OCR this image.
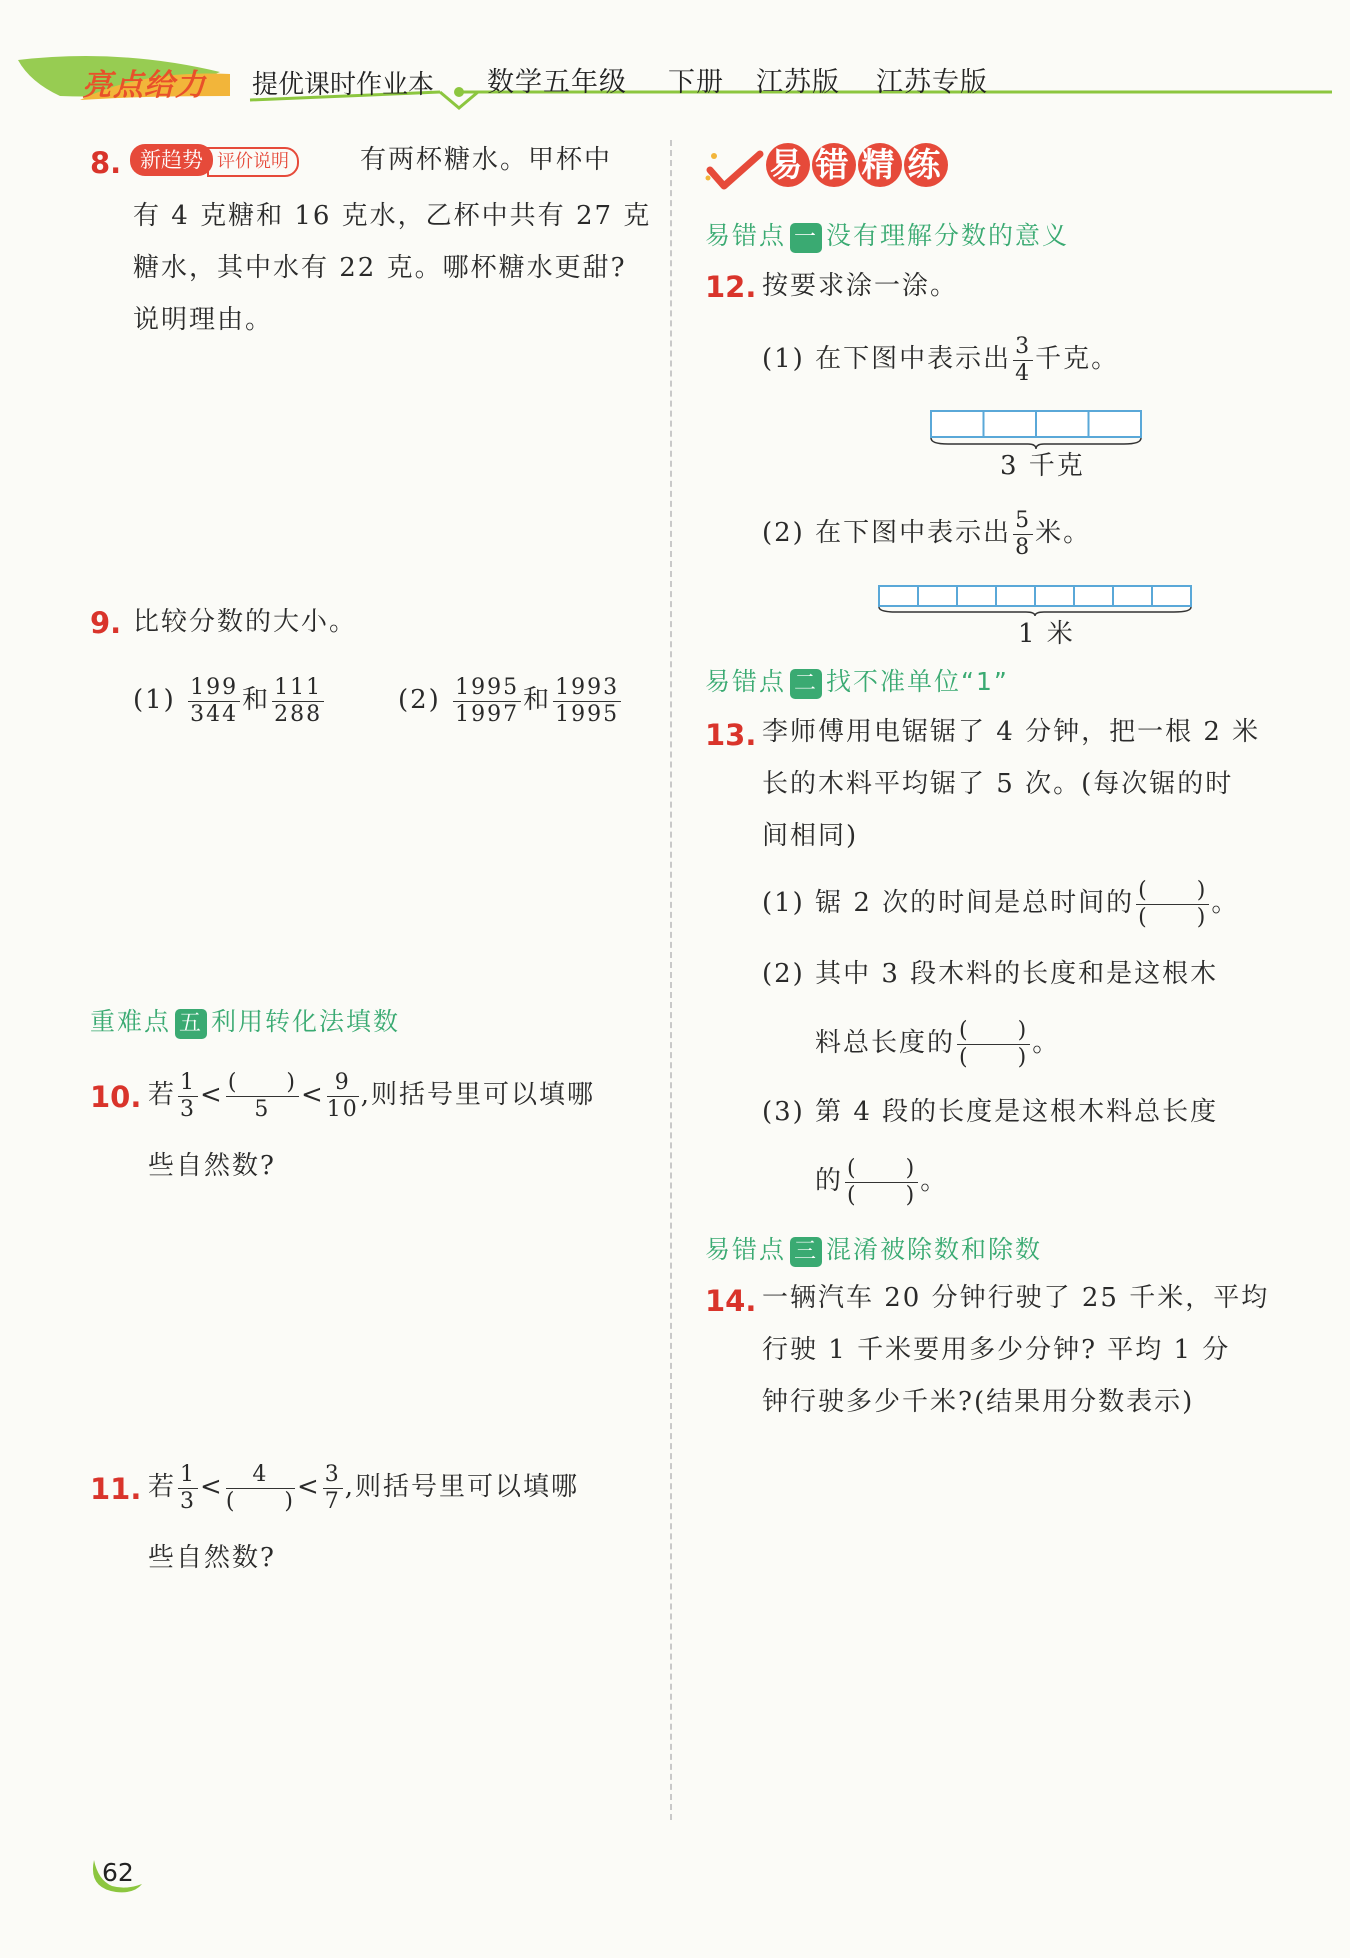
亮点给力 提优课时作业本 数学五年级 下册 江苏版 江苏专版
8. 新趋势 评价说明	有两杯糖水。甲杯中
有 4 克糖和 16 克水，乙杯中共有 27 克
糖水，其中水有 22 克。哪杯糖水更甜?
说明理由。
9. 比较分数的大小。
$(1) \frac{199}{344}$ 和 $\frac{111}{288}$	$(2) \frac{1995}{1997}$ 和 $\frac{1993}{1995}$
重难点 五 利用转化法填数
10. 若 $\frac{1}{3} < \frac{( )}{5} < \frac{9}{10}$ ,则括号里可以填哪
些自然数?
11. 若 $\frac{1}{3} < \frac{4}{( )} < \frac{3}{7}$ ,则括号里可以填哪
些自然数?
易 错 精 练
易错点 一 没有理解分数的意义
12. 按要求涂一涂。
(1) 在下图中表示出 $\frac{3}{4}$ 千克。
3 千克
(2) 在下图中表示出 $\frac{5}{8}$ 米。
1 米
易错点 二 找不准单位“1”
13. 李师傅用电锯锯了 4 分钟，把一根 2 米
长的木料平均锯了 5 次。(每次锯的时
间相同)
(1) 锯 2 次的时间是总时间的 $\frac{( )}{( )}$ 。
(2) 其中 3 段木料的长度和是这根木
料总长度的 $\frac{( )}{( )}$ 。
(3) 第 4 段的长度是这根木料总长度
的 $\frac{( )}{( )}$ 。
易错点 三 混淆被除数和除数
14. 一辆汽车 20 分钟行驶了 25 千米，平均
行驶 1 千米要用多少分钟? 平均 1 分
钟行驶多少千米?(结果用分数表示)
62
